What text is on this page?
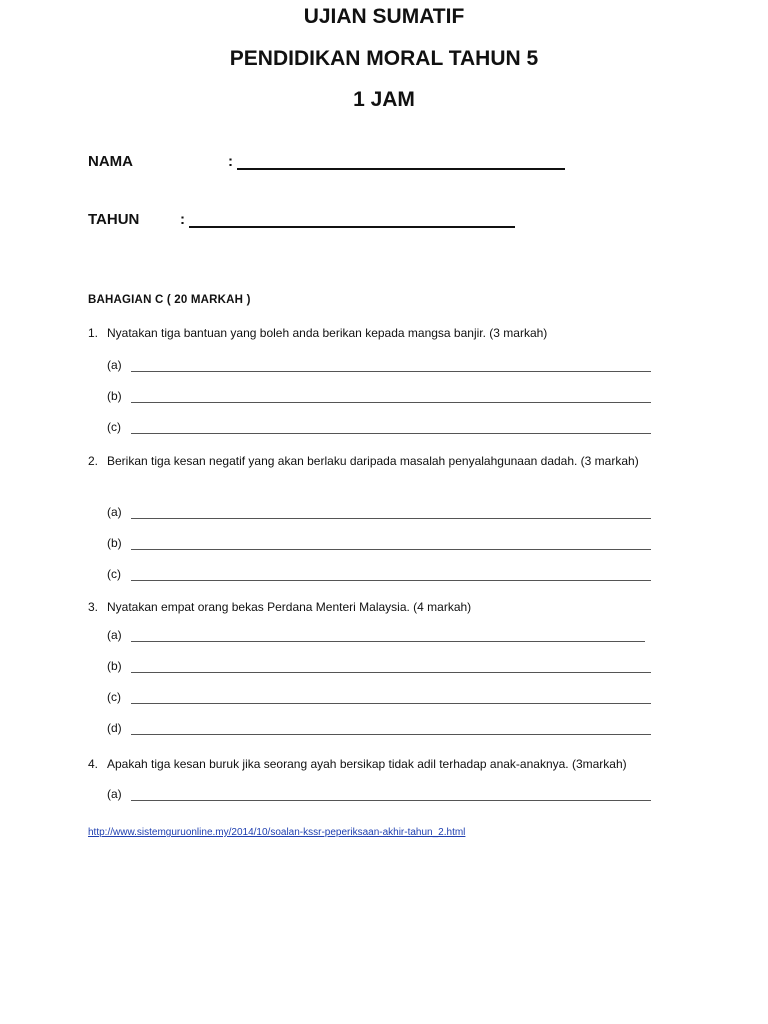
UJIAN SUMATIF
PENDIDIKAN MORAL TAHUN 5
1 JAM
NAMA	:
TAHUN	:
BAHAGIAN C ( 20 MARKAH )
1. Nyatakan tiga bantuan yang boleh anda berikan kepada mangsa banjir. (3 markah)
(a)
(b)
(c)
2. Berikan tiga kesan negatif yang akan berlaku daripada masalah penyalahgunaan dadah. (3 markah)
(a)
(b)
(c)
3. Nyatakan empat orang bekas Perdana Menteri Malaysia. (4 markah)
(a)
(b)
(c)
(d)
4. Apakah tiga kesan buruk jika seorang ayah bersikap tidak adil terhadap anak-anaknya. (3markah)
(a)
http://www.sistemguruonline.my/2014/10/soalan-kssr-peperiksaan-akhir-tahun_2.html
